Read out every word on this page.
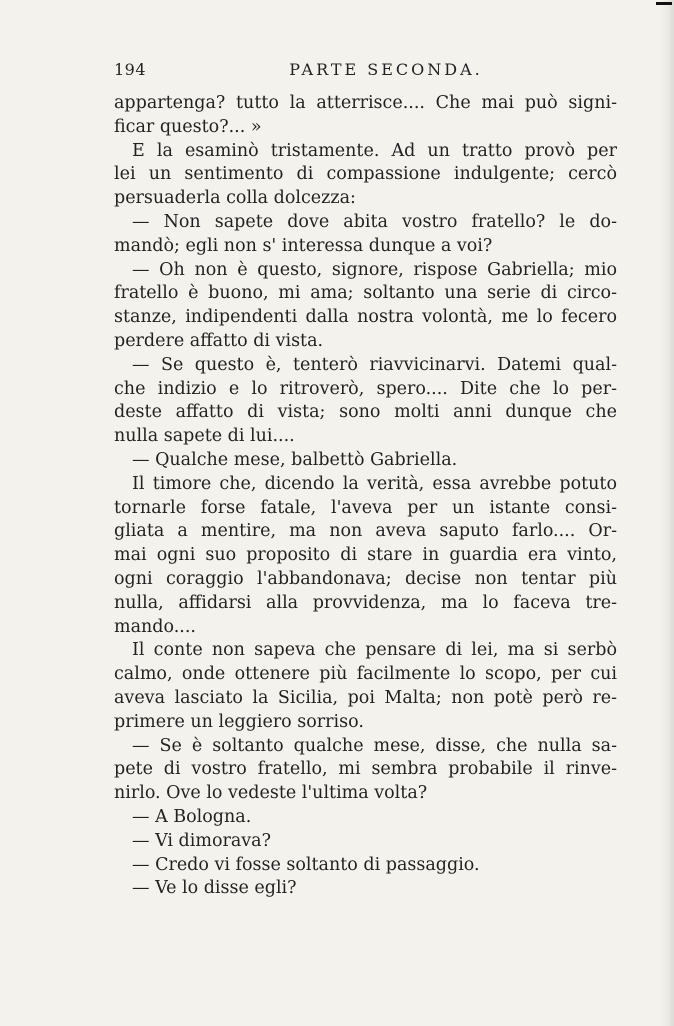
194	PARTE SECONDA.
appartenga? tutto la atterrisce.... Che mai può signi-
ficar questo?... »
E la esaminò tristamente. Ad un tratto provò per
lei un sentimento di compassione indulgente; cercò
persuaderla colla dolcezza:
— Non sapete dove abita vostro fratello? le do-
mandò; egli non s' interessa dunque a voi?
— Oh non è questo, signore, rispose Gabriella; mio
fratello è buono, mi ama; soltanto una serie di circo-
stanze, indipendenti dalla nostra volontà, me lo fecero
perdere affatto di vista.
— Se questo è, tenterò riavvicinarvi. Datemi qual-
che indizio e lo ritroverò, spero.... Dite che lo per-
deste affatto di vista; sono molti anni dunque che
nulla sapete di lui....
— Qualche mese, balbettò Gabriella.
Il timore che, dicendo la verità, essa avrebbe potuto
tornarle forse fatale, l'aveva per un istante consi-
gliata a mentire, ma non aveva saputo farlo.... Or-
mai ogni suo proposito di stare in guardia era vinto,
ogni coraggio l'abbandonava; decise non tentar più
nulla, affidarsi alla provvidenza, ma lo faceva tre-
mando....
Il conte non sapeva che pensare di lei, ma si serbò
calmo, onde ottenere più facilmente lo scopo, per cui
aveva lasciato la Sicilia, poi Malta; non potè però re-
primere un leggiero sorriso.
— Se è soltanto qualche mese, disse, che nulla sa-
pete di vostro fratello, mi sembra probabile il rinve-
nirlo. Ove lo vedeste l'ultima volta?
— A Bologna.
— Vi dimorava?
— Credo vi fosse soltanto di passaggio.
— Ve lo disse egli?
